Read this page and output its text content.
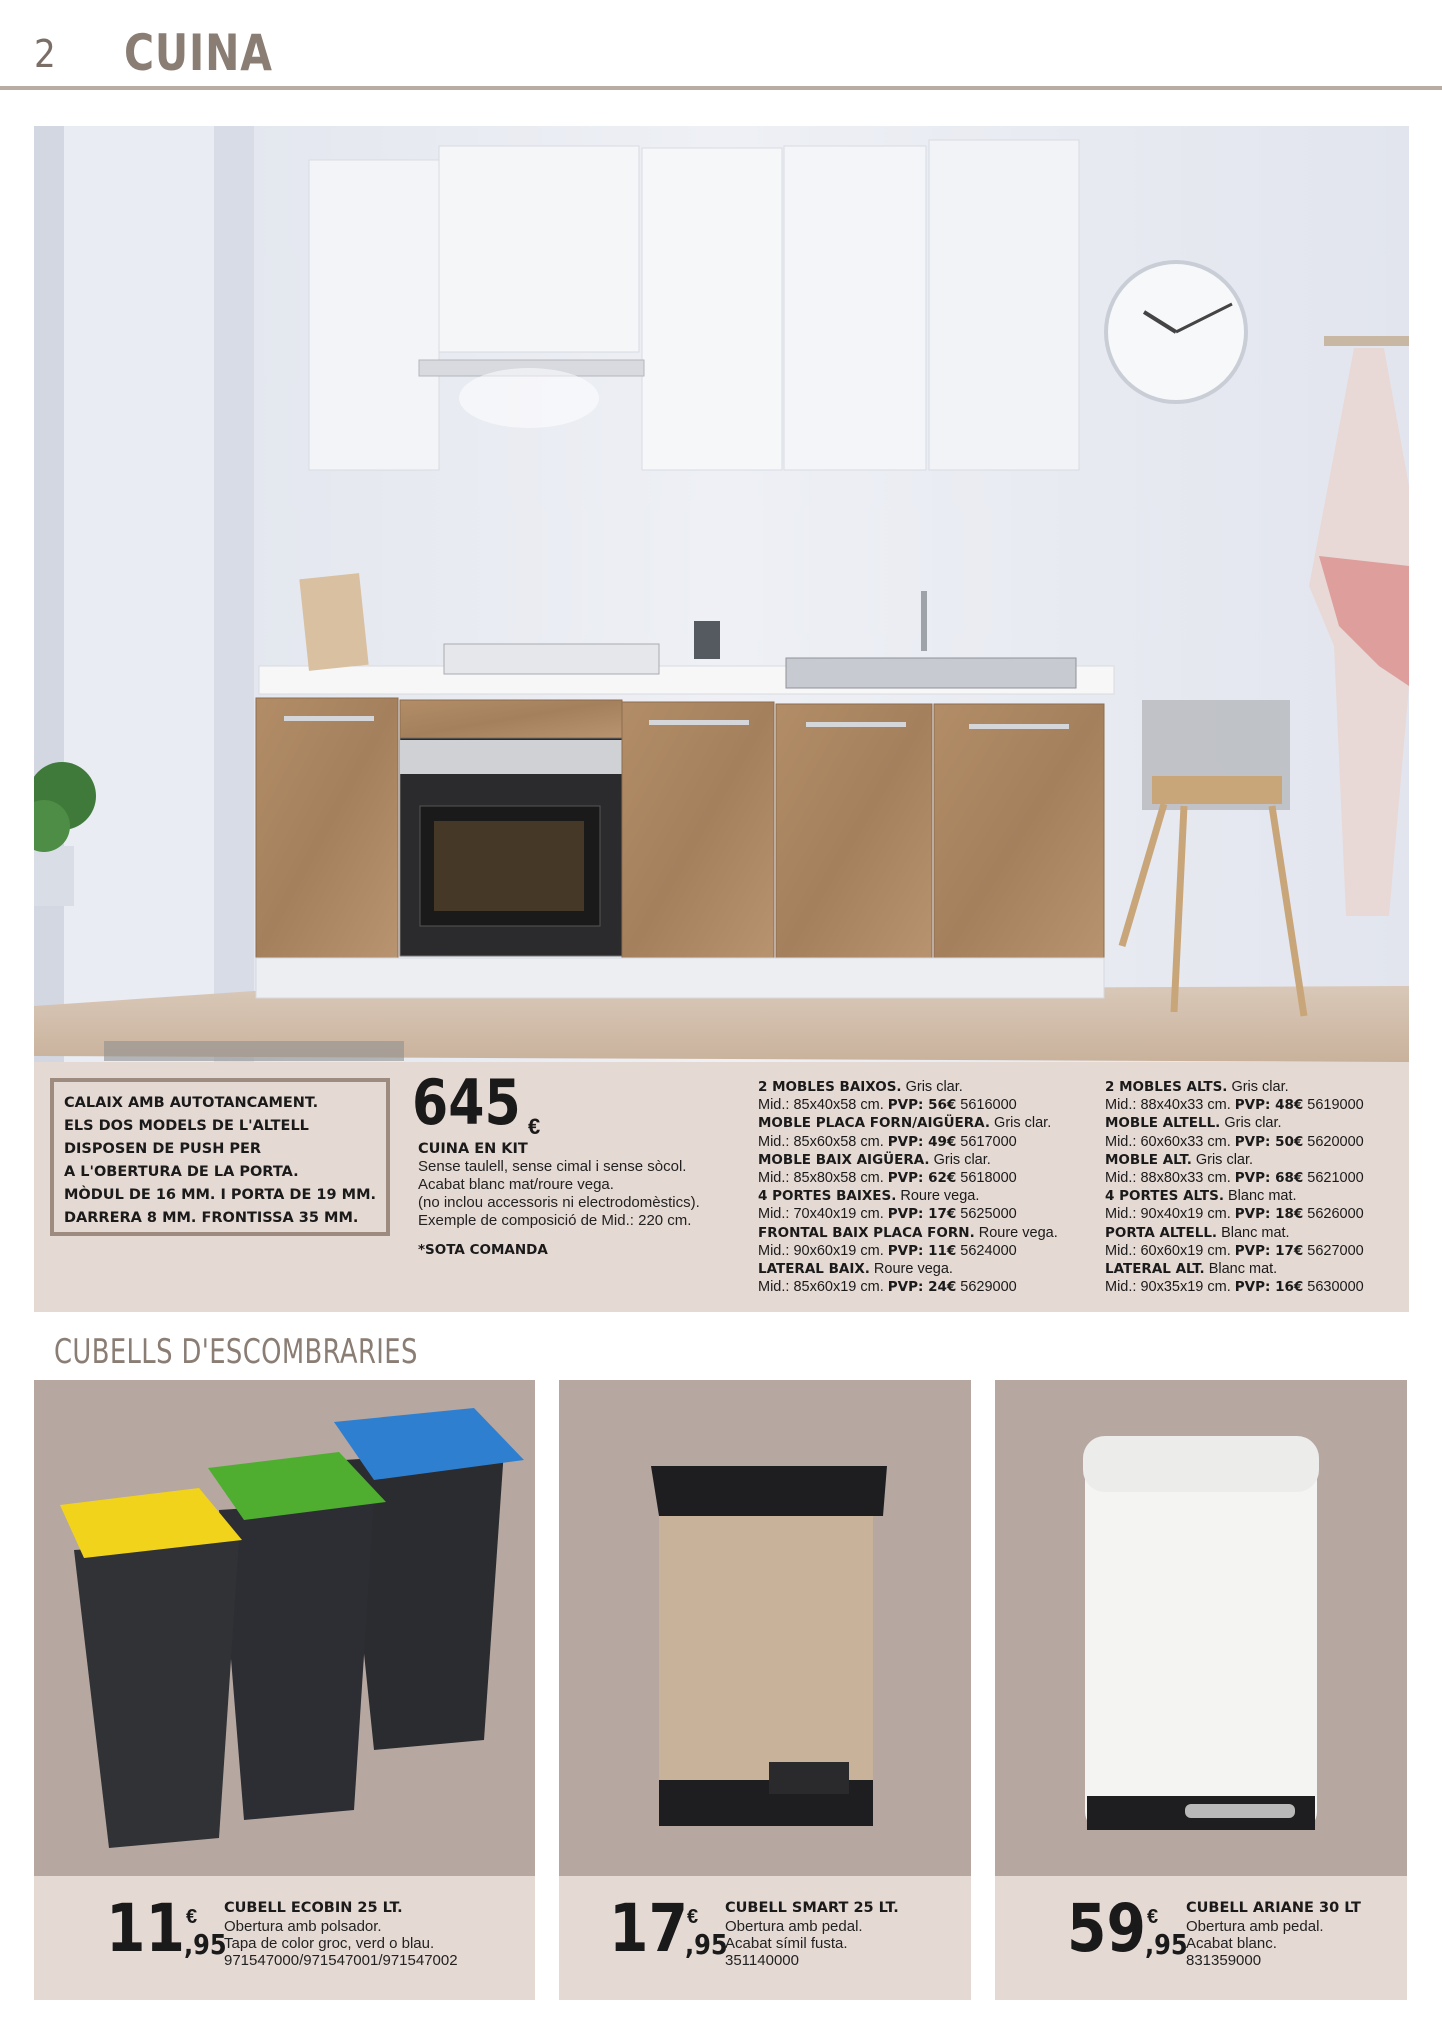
2 CUINA
CALAIX AMB AUTOTANCAMENT.
ELS DOS MODELS DE L'ALTELL
DISPOSEN DE PUSH PER
A L'OBERTURA DE LA PORTA.
MÒDUL DE 16 MM. I PORTA DE 19 MM.
DARRERA 8 MM. FRONTISSA 35 MM.
645 €
CUINA EN KIT
Sense taulell, sense cimal i sense sòcol.
Acabat blanc mat/roure vega.
(no inclou accessoris ni electrodomèstics).
Exemple de composició de Mid.: 220 cm.
*SOTA COMANDA
2 MOBLES BAIXOS. Gris clar.
Mid.: 85x40x58 cm. PVP: 56€ 5616000
MOBLE PLACA FORN/AIGÜERA. Gris clar.
Mid.: 85x60x58 cm. PVP: 49€ 5617000
MOBLE BAIX AIGÜERA. Gris clar.
Mid.: 85x80x58 cm. PVP: 62€ 5618000
4 PORTES BAIXES. Roure vega.
Mid.: 70x40x19 cm. PVP: 17€ 5625000
FRONTAL BAIX PLACA FORN. Roure vega.
Mid.: 90x60x19 cm. PVP: 11€ 5624000
LATERAL BAIX. Roure vega.
Mid.: 85x60x19 cm. PVP: 24€ 5629000
2 MOBLES ALTS. Gris clar.
Mid.: 88x40x33 cm. PVP: 48€ 5619000
MOBLE ALTELL. Gris clar.
Mid.: 60x60x33 cm. PVP: 50€ 5620000
MOBLE ALT. Gris clar.
Mid.: 88x80x33 cm. PVP: 68€ 5621000
4 PORTES ALTS. Blanc mat.
Mid.: 90x40x19 cm. PVP: 18€ 5626000
PORTA ALTELL. Blanc mat.
Mid.: 60x60x19 cm. PVP: 17€ 5627000
LATERAL ALT. Blanc mat.
Mid.: 90x35x19 cm. PVP: 16€ 5630000
CUBELLS D'ESCOMBRARIES
11 €
,95
CUBELL ECOBIN 25 LT.
Obertura amb polsador.
Tapa de color groc, verd o blau.
971547000/971547001/971547002 17 €
,95
CUBELL SMART 25 LT.
Obertura amb pedal.
Acabat símil fusta.
351140000	59 €
,95
CUBELL ARIANE 30 LT
Obertura amb pedal.
Acabat blanc.
831359000
